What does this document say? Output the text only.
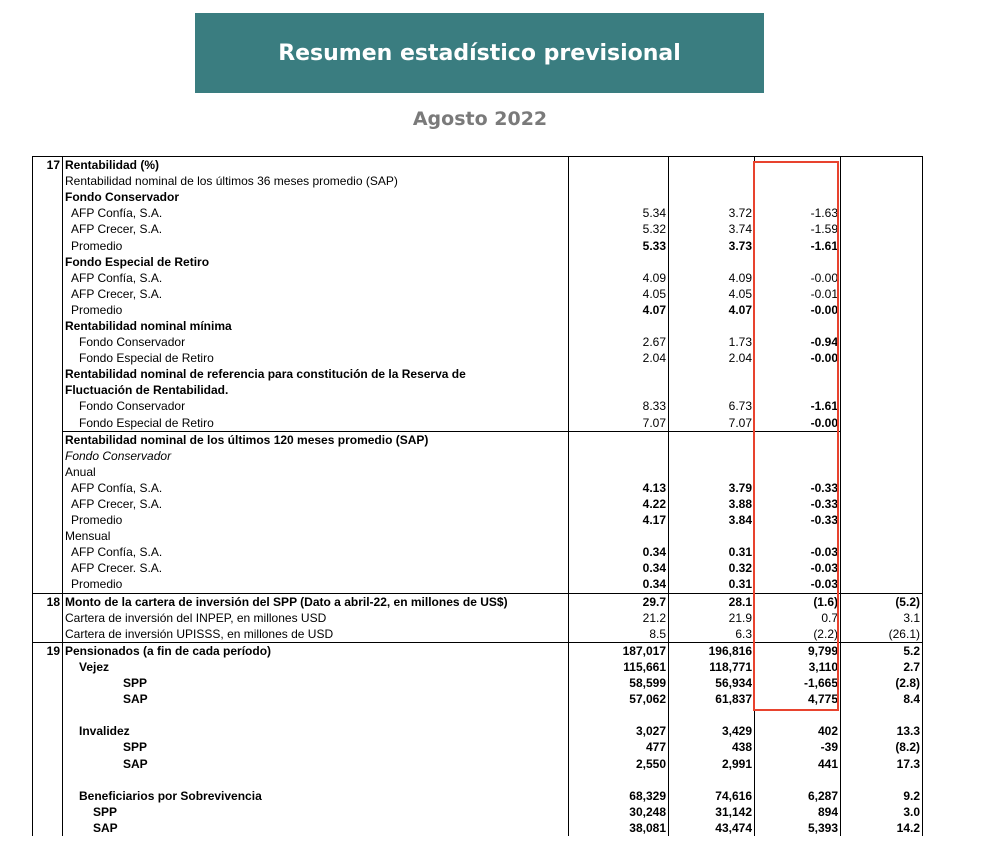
Resumen estadístico previsional
Agosto 2022
17	Rentabilidad (%)				
	Rentabilidad nominal de los últimos 36 meses promedio (SAP)				
	Fondo Conservador				
	AFP Confía, S.A.	5.34	3.72	-1.63	
	AFP Crecer, S.A.	5.32	3.74	-1.59	
	Promedio	5.33	3.73	-1.61	
	Fondo Especial de Retiro				
	AFP Confía, S.A.	4.09	4.09	-0.00	
	AFP Crecer, S.A.	4.05	4.05	-0.01	
	Promedio	4.07	4.07	-0.00	
	Rentabilidad nominal mínima				
	Fondo Conservador	2.67	1.73	-0.94	
	Fondo Especial de Retiro	2.04	2.04	-0.00	
	Rentabilidad nominal de referencia para constitución de la Reserva de				
	Fluctuación de Rentabilidad.				
	Fondo Conservador	8.33	6.73	-1.61	
	Fondo Especial de Retiro	7.07	7.07	-0.00	
	Rentabilidad nominal de los últimos 120 meses promedio (SAP)				
	Fondo Conservador				
	Anual				
	AFP Confía, S.A.	4.13	3.79	-0.33	
	AFP Crecer, S.A.	4.22	3.88	-0.33	
	Promedio	4.17	3.84	-0.33	
	Mensual				
	AFP Confía, S.A.	0.34	0.31	-0.03	
	AFP Crecer. S.A.	0.34	0.32	-0.03	
	Promedio	0.34	0.31	-0.03	
18	Monto de la cartera de inversión del SPP (Dato a abril-22, en millones de US$)	29.7	28.1	(1.6)	(5.2)
	Cartera de inversión del INPEP, en millones USD	21.2	21.9	0.7	3.1
	Cartera de inversión UPISSS, en millones de USD	8.5	6.3	(2.2)	(26.1)
19	Pensionados (a fin de cada período)	187,017	196,816	9,799	5.2
	Vejez	115,661	118,771	3,110	2.7
	SPP	58,599	56,934	-1,665	(2.8)
	SAP	57,062	61,837	4,775	8.4

	Invalidez	3,027	3,429	402	13.3
	SPP	477	438	-39	(8.2)
	SAP	2,550	2,991	441	17.3

	Beneficiarios por Sobrevivencia	68,329	74,616	6,287	9.2
	SPP	30,248	31,142	894	3.0
	SAP	38,081	43,474	5,393	14.2
